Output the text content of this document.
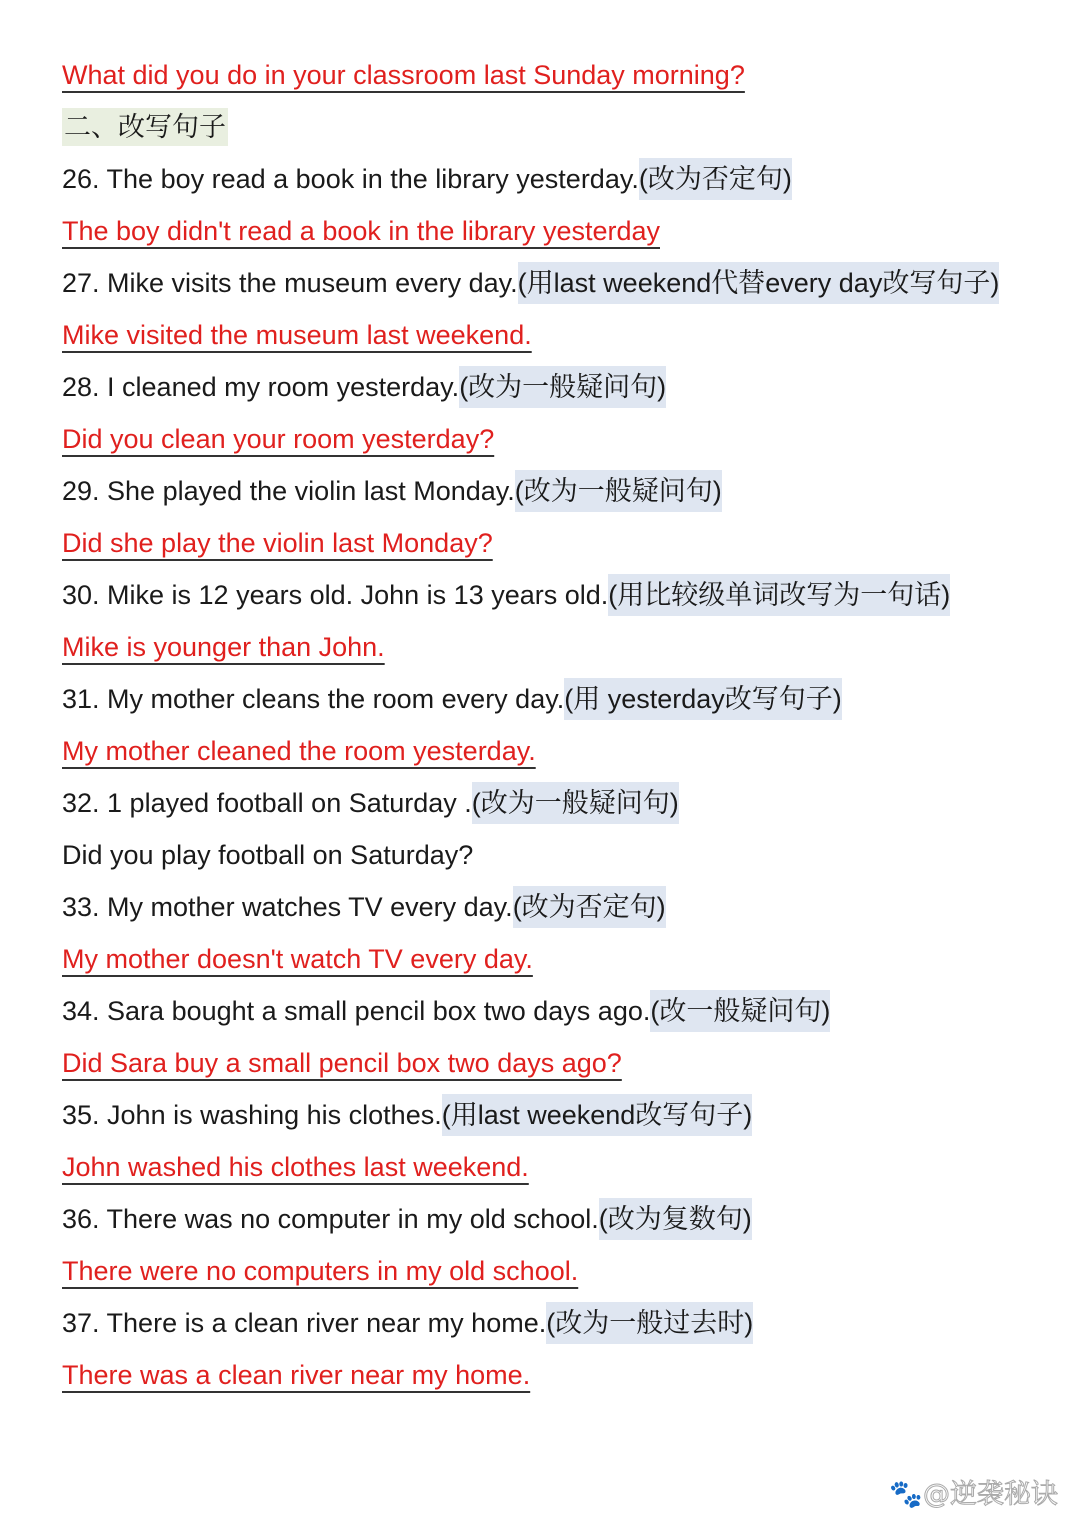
What did you do in your classroom last Sunday morning?
二、改写句子
26. The boy read a book in the library yesterday.(改为否定句)
The boy didn't read a book in the library yesterday
27. Mike visits the museum every day.(用last weekend代替every day改写句子)
Mike visited the museum last weekend.
28. I cleaned my room yesterday.(改为一般疑问句)
Did you clean your room yesterday?
29. She played the violin last Monday.(改为一般疑问句)
Did she play the violin last Monday?
30. Mike is 12 years old. John is 13 years old.(用比较级单词改写为一句话)
Mike is younger than John.
31. My mother cleans the room every day.(用 yesterday改写句子)
My mother cleaned the room yesterday.
32. 1 played football on Saturday .(改为一般疑问句)
Did you play football on Saturday?
33. My mother watches TV every day.(改为否定句)
My mother doesn't watch TV every day.
34. Sara bought a small pencil box two days ago.(改一般疑问句)
Did Sara buy a small pencil box two days ago?
35. John is washing his clothes.(用last weekend改写句子)
John washed his clothes last weekend.
36. There was no computer in my old school.(改为复数句)
There were no computers in my old school.
37. There is a clean river near my home.(改为一般过去时)
There was a clean river near my home.
🐾@逆袭秘诀
